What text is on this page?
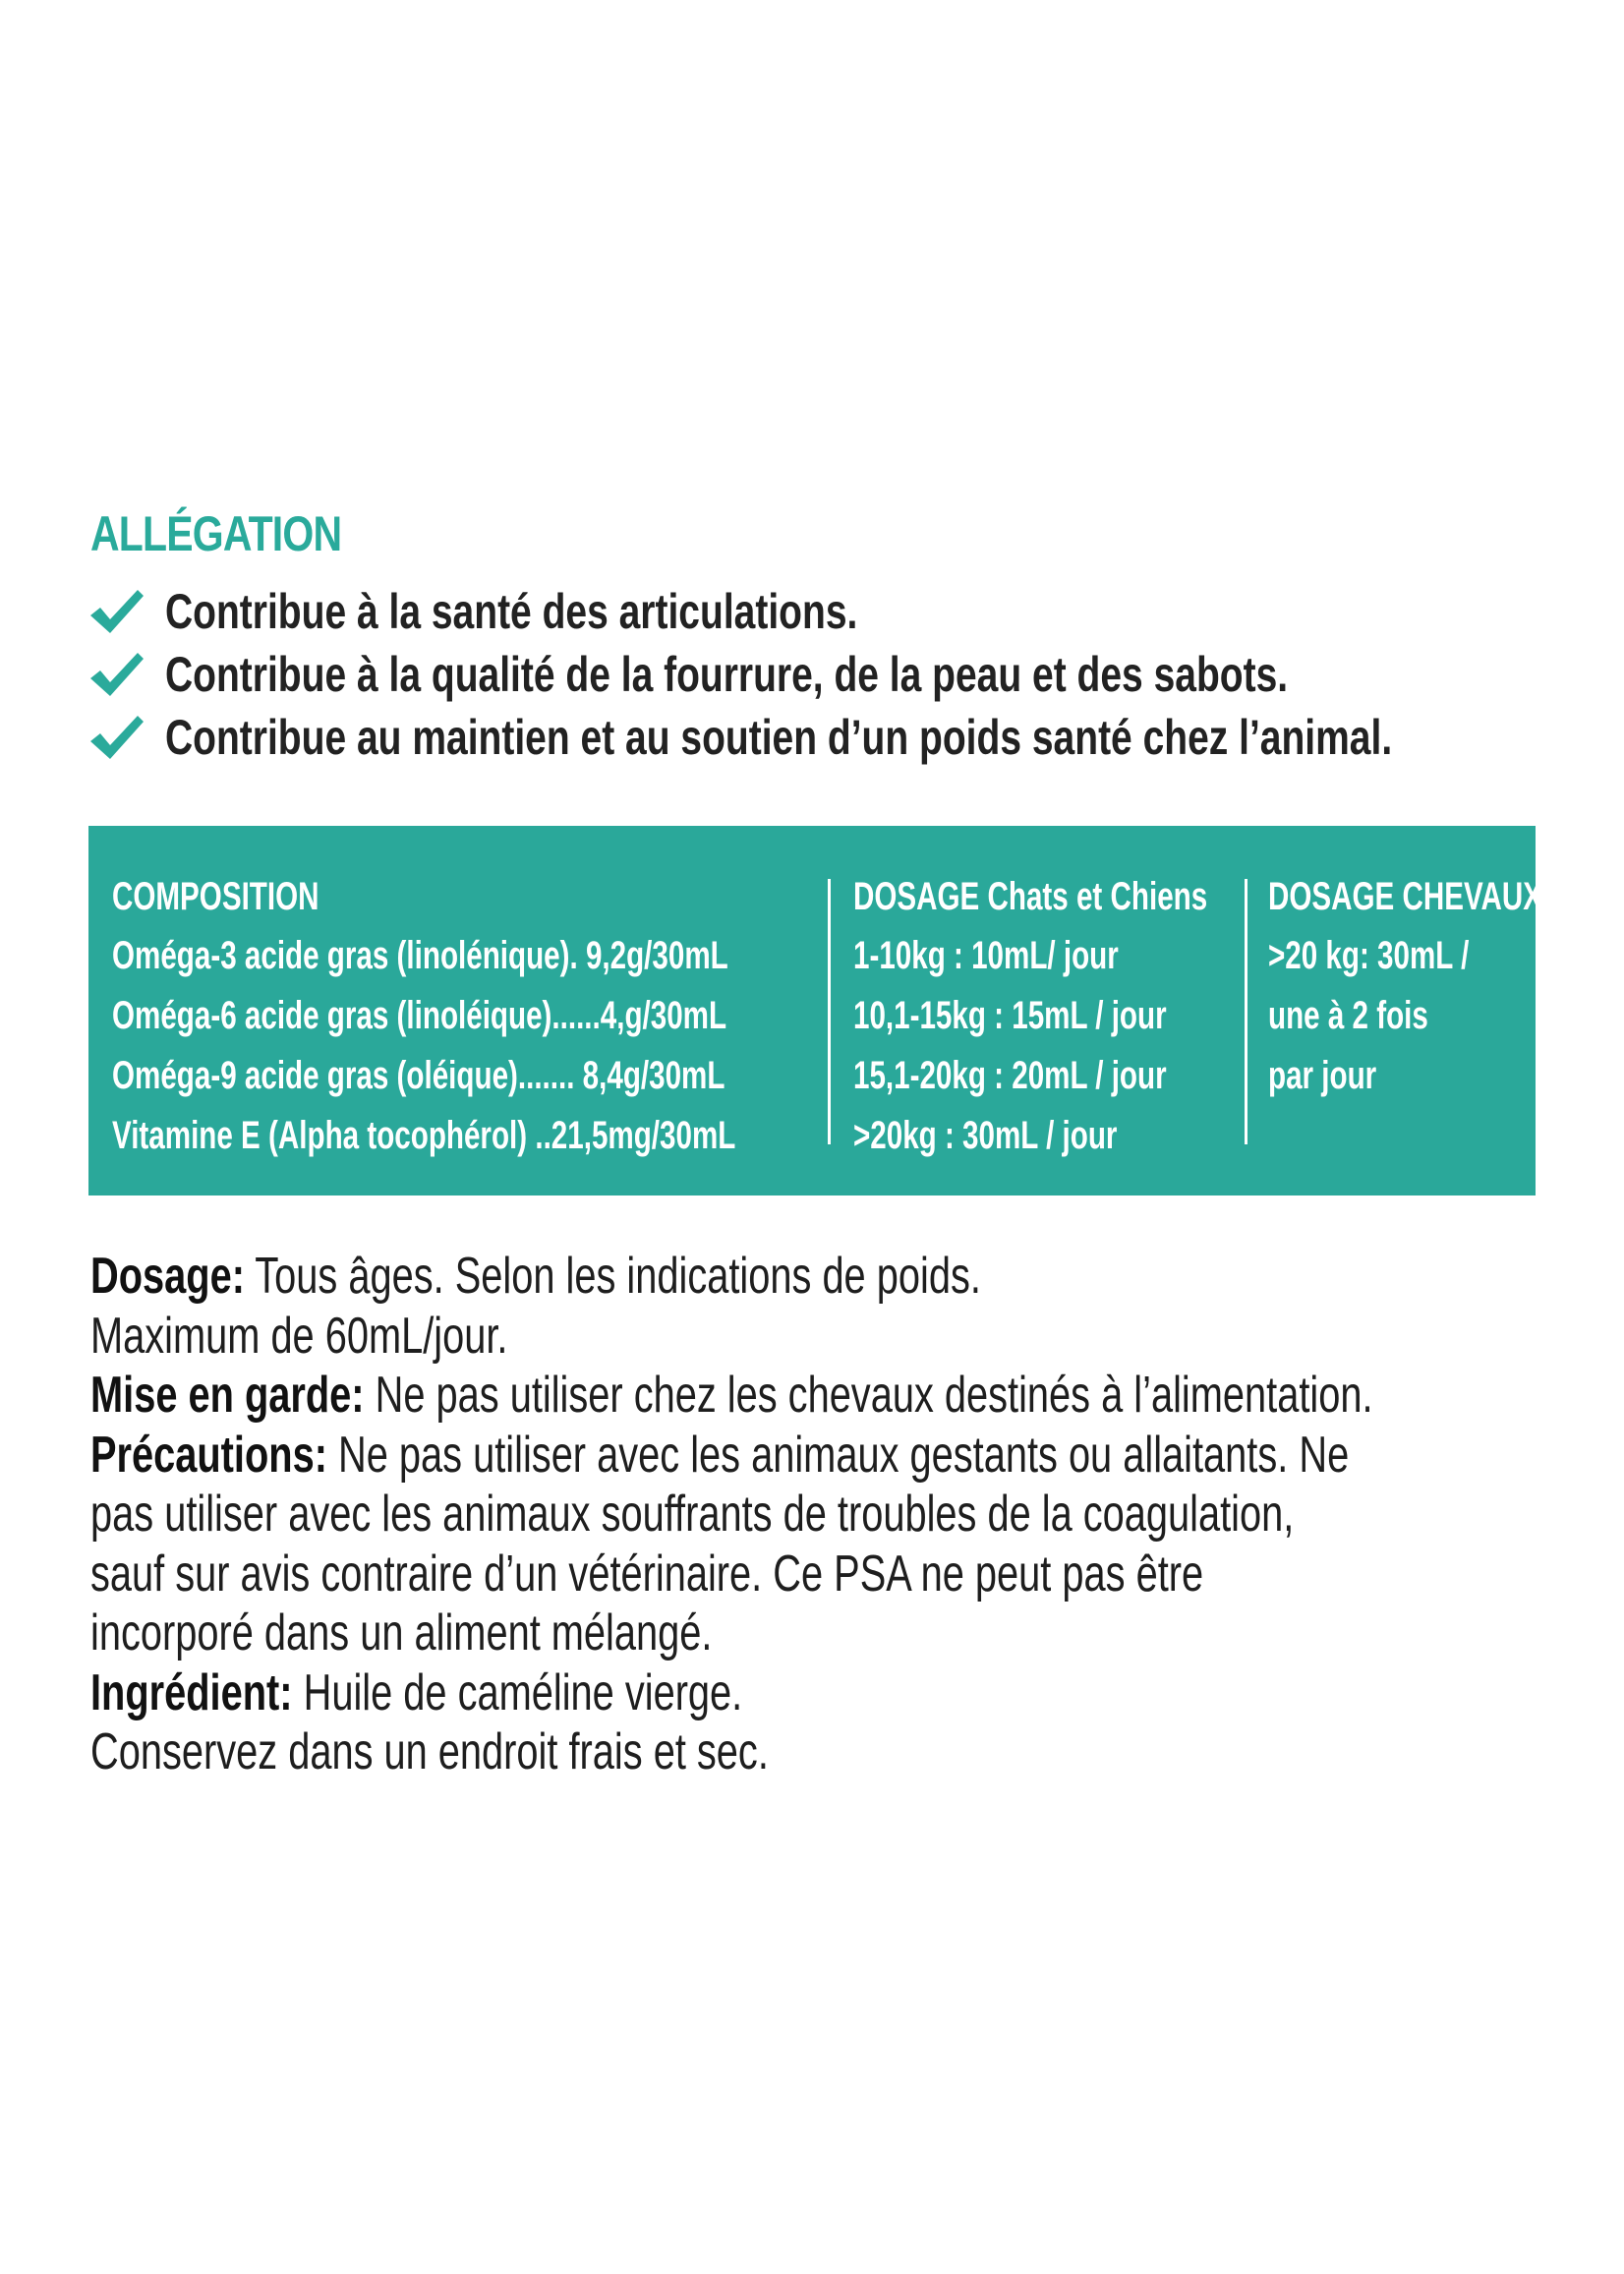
ALLÉGATION
Contribue à la santé des articulations.
Contribue à la qualité de la fourrure, de la peau et des sabots.
Contribue au maintien et au soutien d’un poids santé chez l’animal.
COMPOSITION
Oméga-3 acide gras (linolénique). 9,2g/30mL
Oméga-6 acide gras (linoléique)......4,g/30mL
Oméga-9 acide gras (oléique)....... 8,4g/30mL
Vitamine E (Alpha tocophérol) ..21,5mg/30mL
DOSAGE Chats et Chiens
1-10kg : 10mL/ jour
10,1-15kg : 15mL / jour
15,1-20kg : 20mL / jour
>20kg : 30mL / jour
DOSAGE CHEVAUX
>20 kg: 30mL /
une à 2 fois
par jour
Dosage: Tous âges. Selon les indications de poids.
Maximum de 60mL/jour.
Mise en garde: Ne pas utiliser chez les chevaux destinés à l’alimentation.
Précautions: Ne pas utiliser avec les animaux gestants ou allaitants. Ne
pas utiliser avec les animaux souffrants de troubles de la coagulation,
sauf sur avis contraire d’un vétérinaire. Ce PSA ne peut pas être
incorporé dans un aliment mélangé.
Ingrédient: Huile de caméline vierge.
Conservez dans un endroit frais et sec.
